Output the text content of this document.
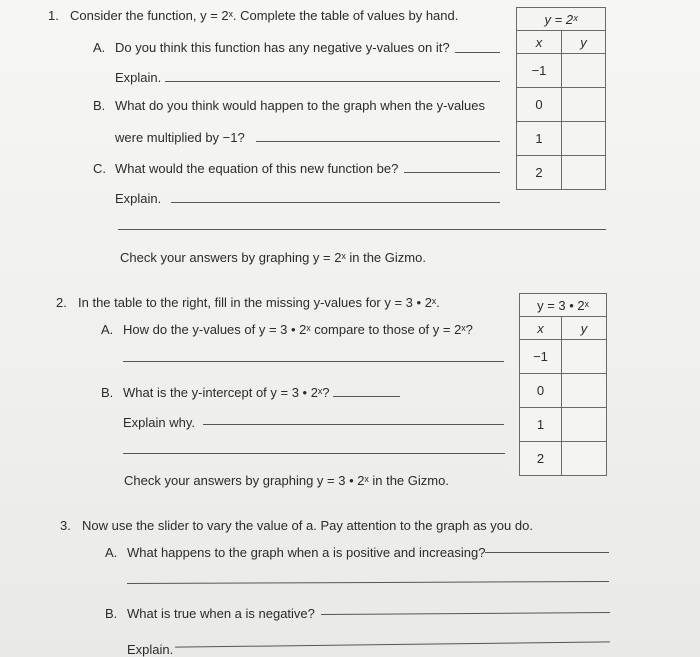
1. Consider the function, y = 2ˣ. Complete the table of values by hand.
A. Do you think this function has any negative y-values on it?
Explain.
B. What do you think would happen to the graph when the y-values
were multiplied by −1?
C. What would the equation of this new function be?
Explain.
Check your answers by graphing y = 2ˣ in the Gizmo.
y = 2ˣ	
x	y
−1	
0	
1	
2	
2. In the table to the right, fill in the missing y-values for y = 3 • 2ˣ.
A. How do the y-values of y = 3 • 2ˣ compare to those of y = 2ˣ?
B. What is the y-intercept of y = 3 • 2ˣ?
Explain why.
Check your answers by graphing y = 3 • 2ˣ in the Gizmo.
y = 3 • 2ˣ	
x	y
−1	
0	
1	
2	
3. Now use the slider to vary the value of a. Pay attention to the graph as you do.
A. What happens to the graph when a is positive and increasing?
B. What is true when a is negative?
Explain.
